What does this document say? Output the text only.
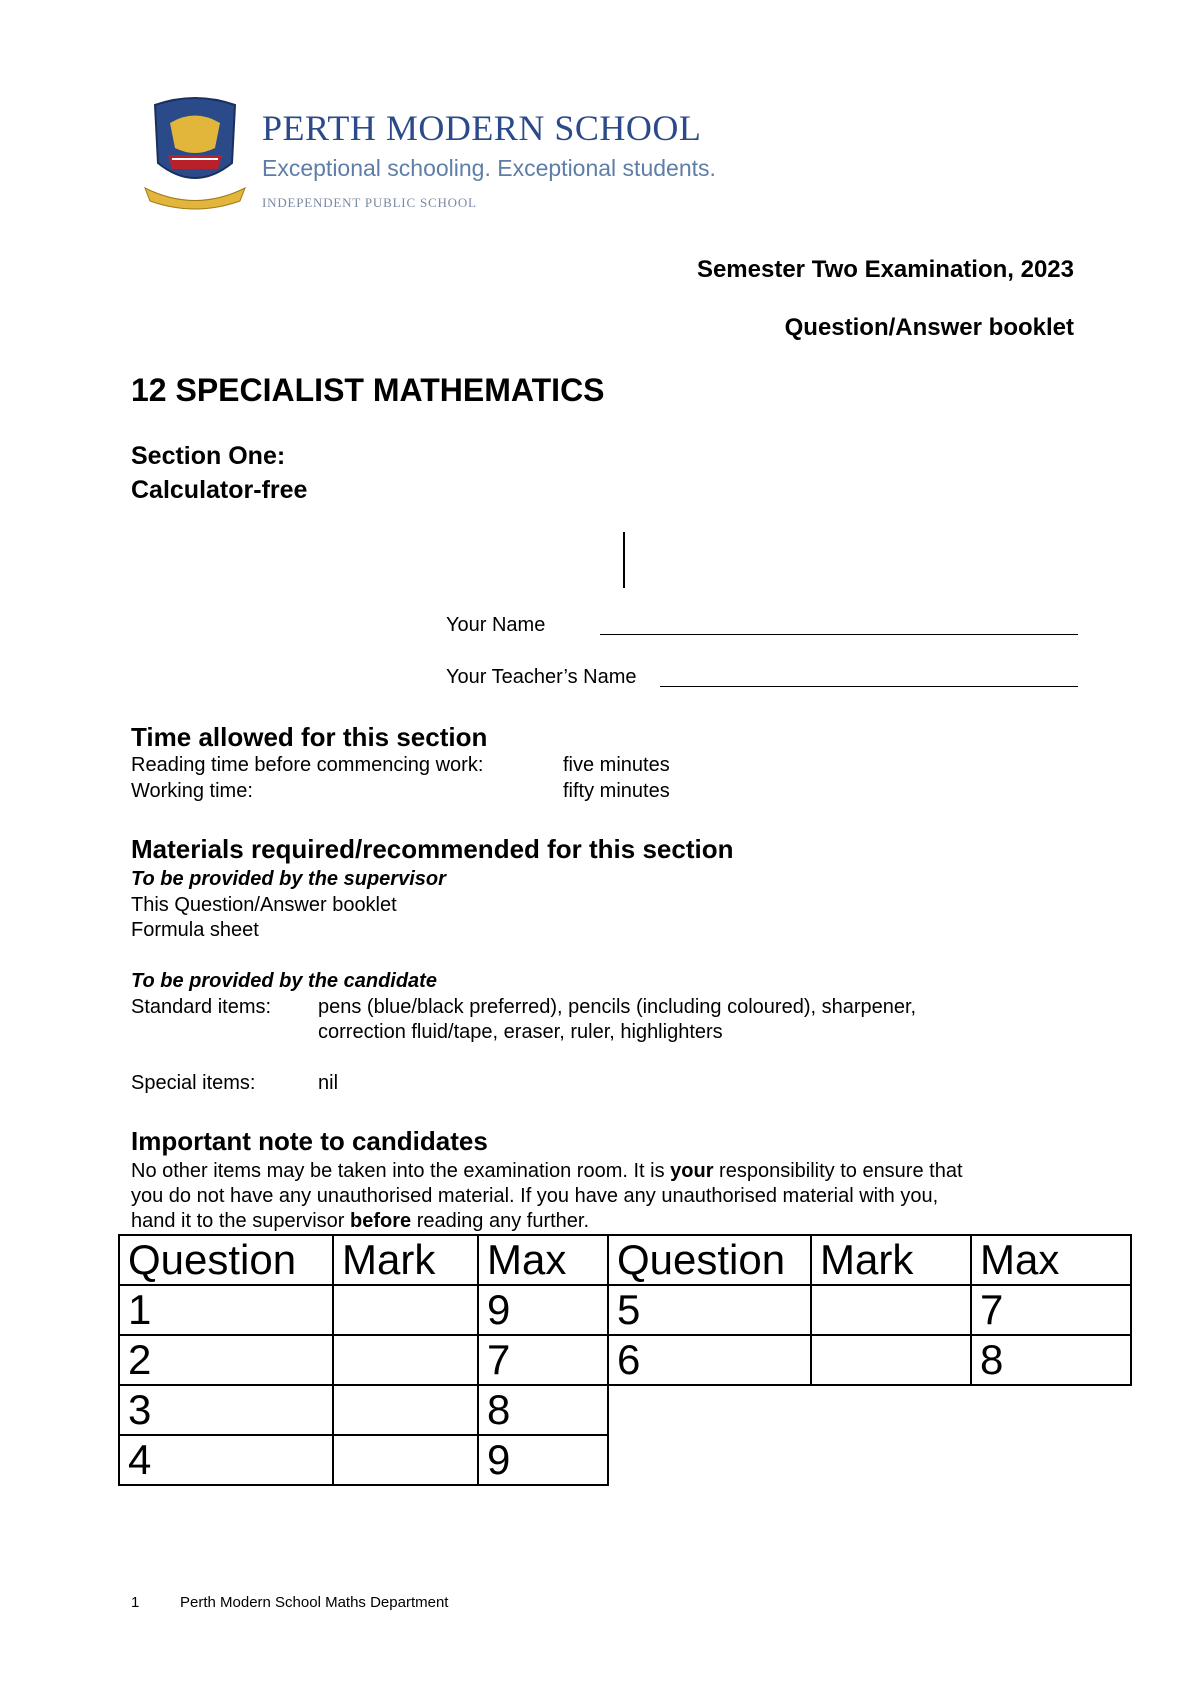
PERTH MODERN SCHOOL
Exceptional schooling. Exceptional students.
INDEPENDENT PUBLIC SCHOOL
Semester Two Examination, 2023
Question/Answer booklet
12 SPECIALIST MATHEMATICS
Section One:
Calculator-free
Your Name
Your Teacher’s Name
Time allowed for this section
Reading time before commencing work:	five minutes
Working time:	fifty minutes
Materials required/recommended for this section
To be provided by the supervisor
This Question/Answer booklet
Formula sheet
To be provided by the candidate
Standard items: pens (blue/black preferred), pencils (including coloured), sharpener,
correction fluid/tape, eraser, ruler, highlighters
Special items:	nil
Important note to candidates
No other items may be taken into the examination room. It is your responsibility to ensure that
you do not have any unauthorised material. If you have any unauthorised material with you,
hand it to the supervisor before reading any further.
Question	Mark	Max	Question	Mark	Max
1		9	5		7
2		7	6		8
3		8			
4		9			
1	Perth Modern School Maths Department
